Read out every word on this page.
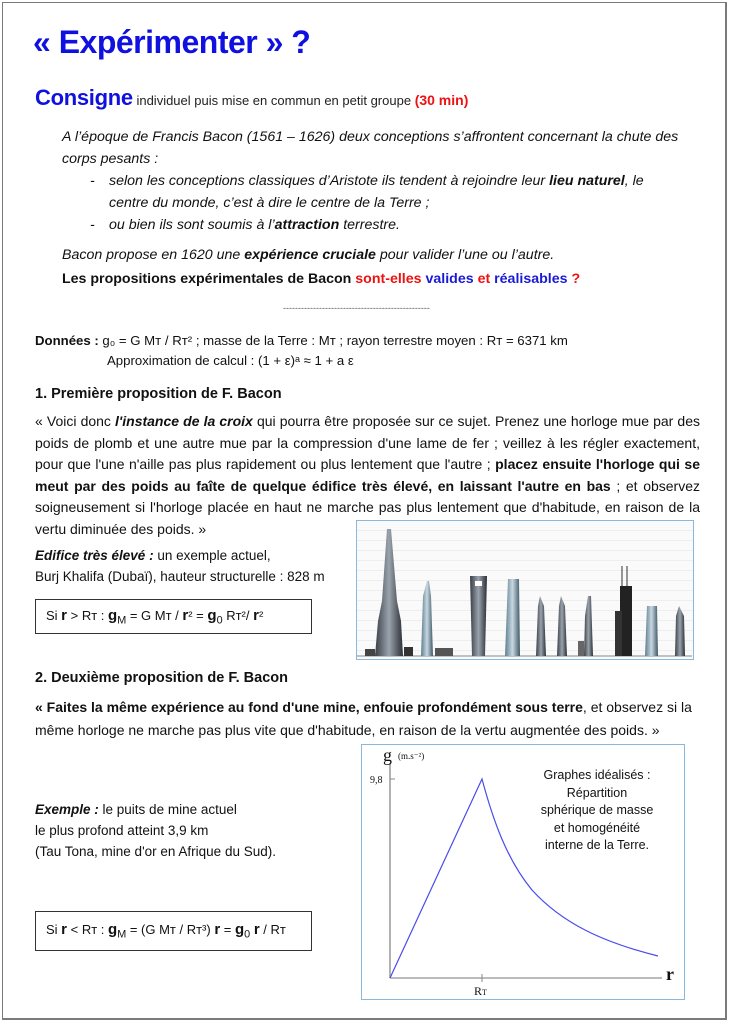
« Expérimenter » ?
Consigne individuel puis mise en commun en petit groupe (30 min)

A l’époque de Francis Bacon (1561 – 1626) deux conceptions s’affrontent concernant la chute des corps pesants :

- selon les conceptions classiques d’Aristote ils tendent à rejoindre leur lieu naturel, le centre du monde, c’est à dire le centre de la Terre ;
- ou bien ils sont soumis à l’attraction terrestre.

Bacon propose en 1620 une expérience cruciale pour valider l’une ou l’autre.

Les propositions expérimentales de Bacon sont-elles valides et réalisables ?
-------------------------------------------------
Données : g₀ = G Mᴛ / Rᴛ² ; masse de la Terre : Mᴛ ; rayon terrestre moyen : Rᴛ = 6371 km
Approximation de calcul : (1 + ε)ᵃ ≈ 1 + a ε
1. Première proposition de F. Bacon
« Voici donc l'instance de la croix qui pourra être proposée sur ce sujet. Prenez une horloge mue par des poids de plomb et une autre mue par la compression d'une lame de fer ; veillez à les régler exactement, pour que l'une n'aille pas plus rapidement ou plus lentement que l'autre ; placez ensuite l'horloge qui se meut par des poids au faîte de quelque édifice très élevé, en laissant l'autre en bas ; et observez soigneusement si l'horloge placée en haut ne marche pas plus lentement que d'habitude, en raison de la vertu diminuée des poids. »
Edifice très élevé : un exemple actuel,
Burj Khalifa (Dubaï), hauteur structurelle : 828 m
Si r > Rᴛ : $g_M = G$ Mᴛ / $r^2 = g_0$ Rᴛ²/ r²
2. Deuxième proposition de F. Bacon
« Faites la même expérience au fond d'une mine, enfouie profondément sous terre, et observez si la même horloge ne marche pas plus vite que d'habitude, en raison de la vertu augmentée des poids. »
Exemple : le puits de mine actuel
le plus profond atteint 3,9 km
(Tau Tona, mine d'or en Afrique du Sud).
Si r < Rᴛ : $g_M = (G$ Mᴛ / Rᴛ³) $r = g_0$ r / Rᴛ
g (m.s⁻²)
9,8
RT
r
Graphes idéalisés :
Répartition
sphérique de masse
et homogénéité
interne de la Terre.
